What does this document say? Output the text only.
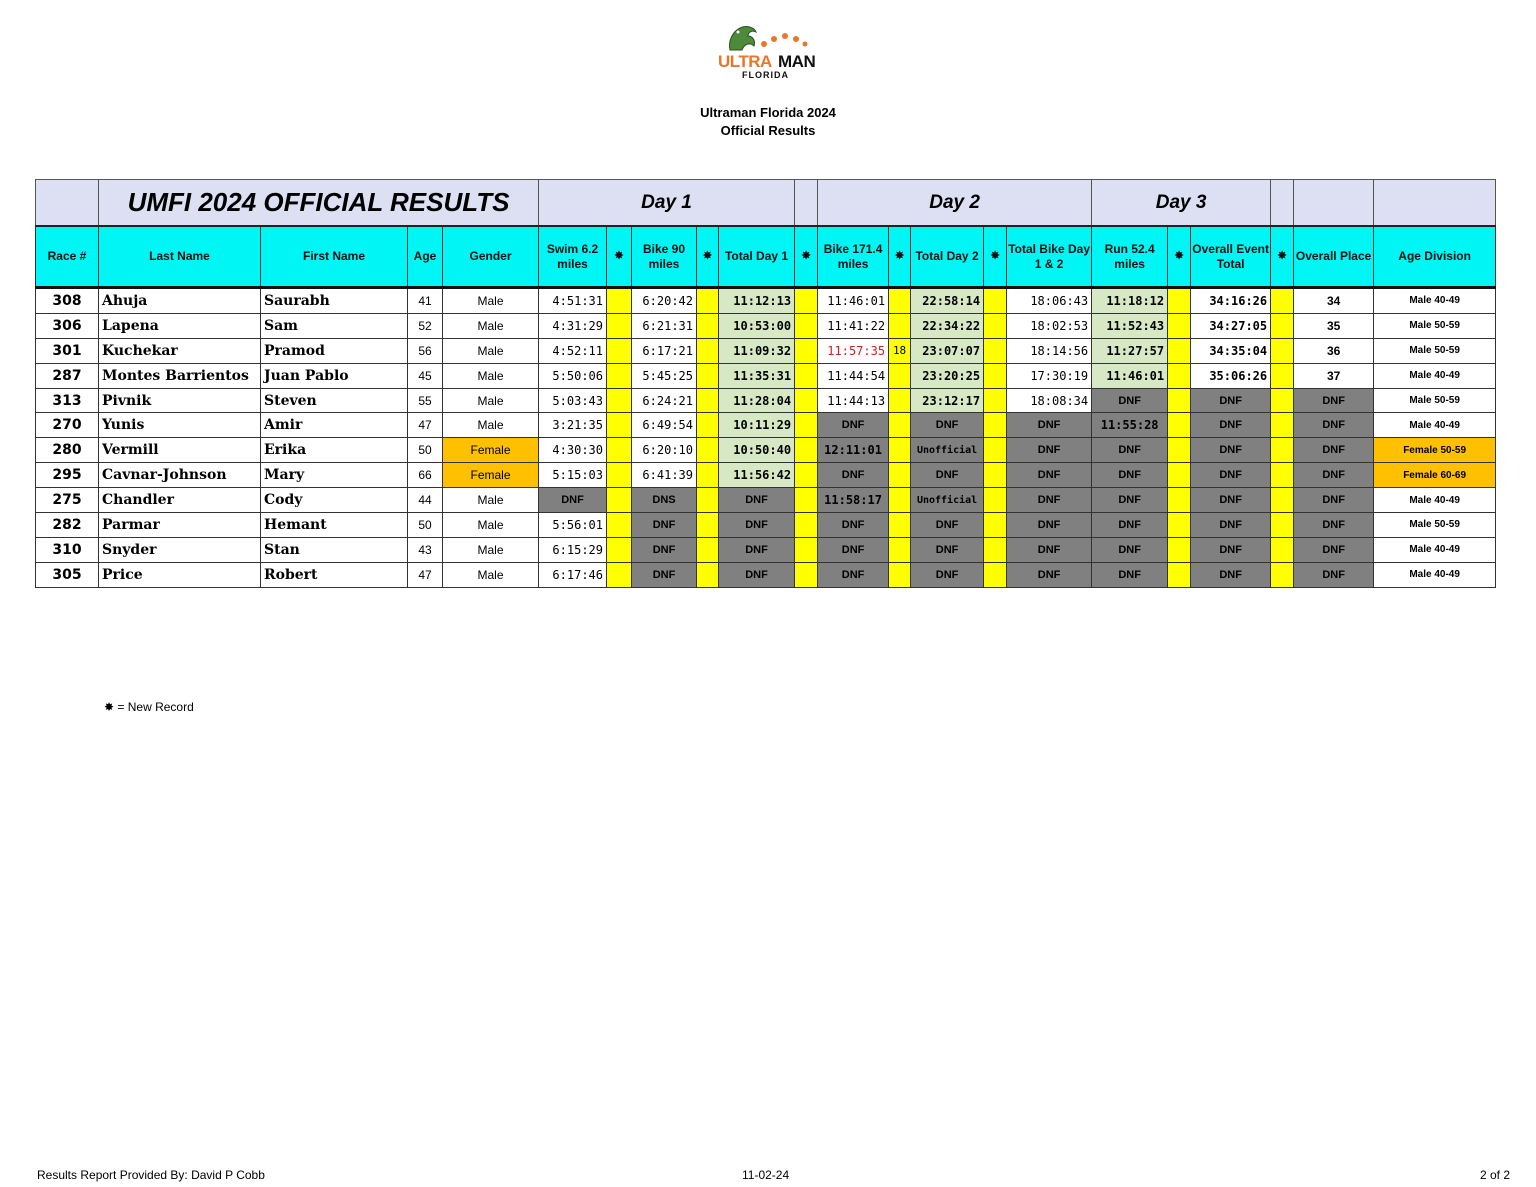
ULTRA MAN
FLORIDA
Ultraman Florida 2024
Official Results
	UMFI 2024 OFFICIAL RESULTS				Day 1						Day 2					Day 3					
Race #	Last Name	First Name	Age	Gender	Swim 6.2 miles	✸	Bike 90 miles	✸	Total Day 1	✸	Bike 171.4 miles	✸	Total Day 2	✸	Total Bike Day 1 & 2	Run 52.4 miles	✸	Overall Event Total	✸	Overall Place	Age Division
308	Ahuja	Saurabh	41	Male	4:51:31		6:20:42		11:12:13		11:46:01		22:58:14		18:06:43	11:18:12		34:16:26		34	Male 40-49
306	Lapena	Sam	52	Male	4:31:29		6:21:31		10:53:00		11:41:22		22:34:22		18:02:53	11:52:43		34:27:05		35	Male 50-59
301	Kuchekar	Pramod	56	Male	4:52:11		6:17:21		11:09:32		11:57:35	18	23:07:07		18:14:56	11:27:57		34:35:04		36	Male 50-59
287	Montes Barrientos	Juan Pablo	45	Male	5:50:06		5:45:25		11:35:31		11:44:54		23:20:25		17:30:19	11:46:01		35:06:26		37	Male 40-49
313	Pivnik	Steven	55	Male	5:03:43		6:24:21		11:28:04		11:44:13		23:12:17		18:08:34	DNF		DNF		DNF	Male 50-59
270	Yunis	Amir	47	Male	3:21:35		6:49:54		10:11:29		DNF		DNF		DNF	11:55:28		DNF		DNF	Male 40-49
280	Vermill	Erika	50	Female	4:30:30		6:20:10		10:50:40		12:11:01		Unofficial		DNF	DNF		DNF		DNF	Female 50-59
295	Cavnar-Johnson	Mary	66	Female	5:15:03		6:41:39		11:56:42		DNF		DNF		DNF	DNF		DNF		DNF	Female 60-69
275	Chandler	Cody	44	Male	DNF		DNS		DNF		11:58:17		Unofficial		DNF	DNF		DNF		DNF	Male 40-49
282	Parmar	Hemant	50	Male	5:56:01		DNF		DNF		DNF		DNF		DNF	DNF		DNF		DNF	Male 50-59
310	Snyder	Stan	43	Male	6:15:29		DNF		DNF		DNF		DNF		DNF	DNF		DNF		DNF	Male 40-49
305	Price	Robert	47	Male	6:17:46		DNF		DNF		DNF		DNF		DNF	DNF		DNF		DNF	Male 40-49
✸ = New Record
Results Report Provided By: David P Cobb	11-02-24	2 of 2
